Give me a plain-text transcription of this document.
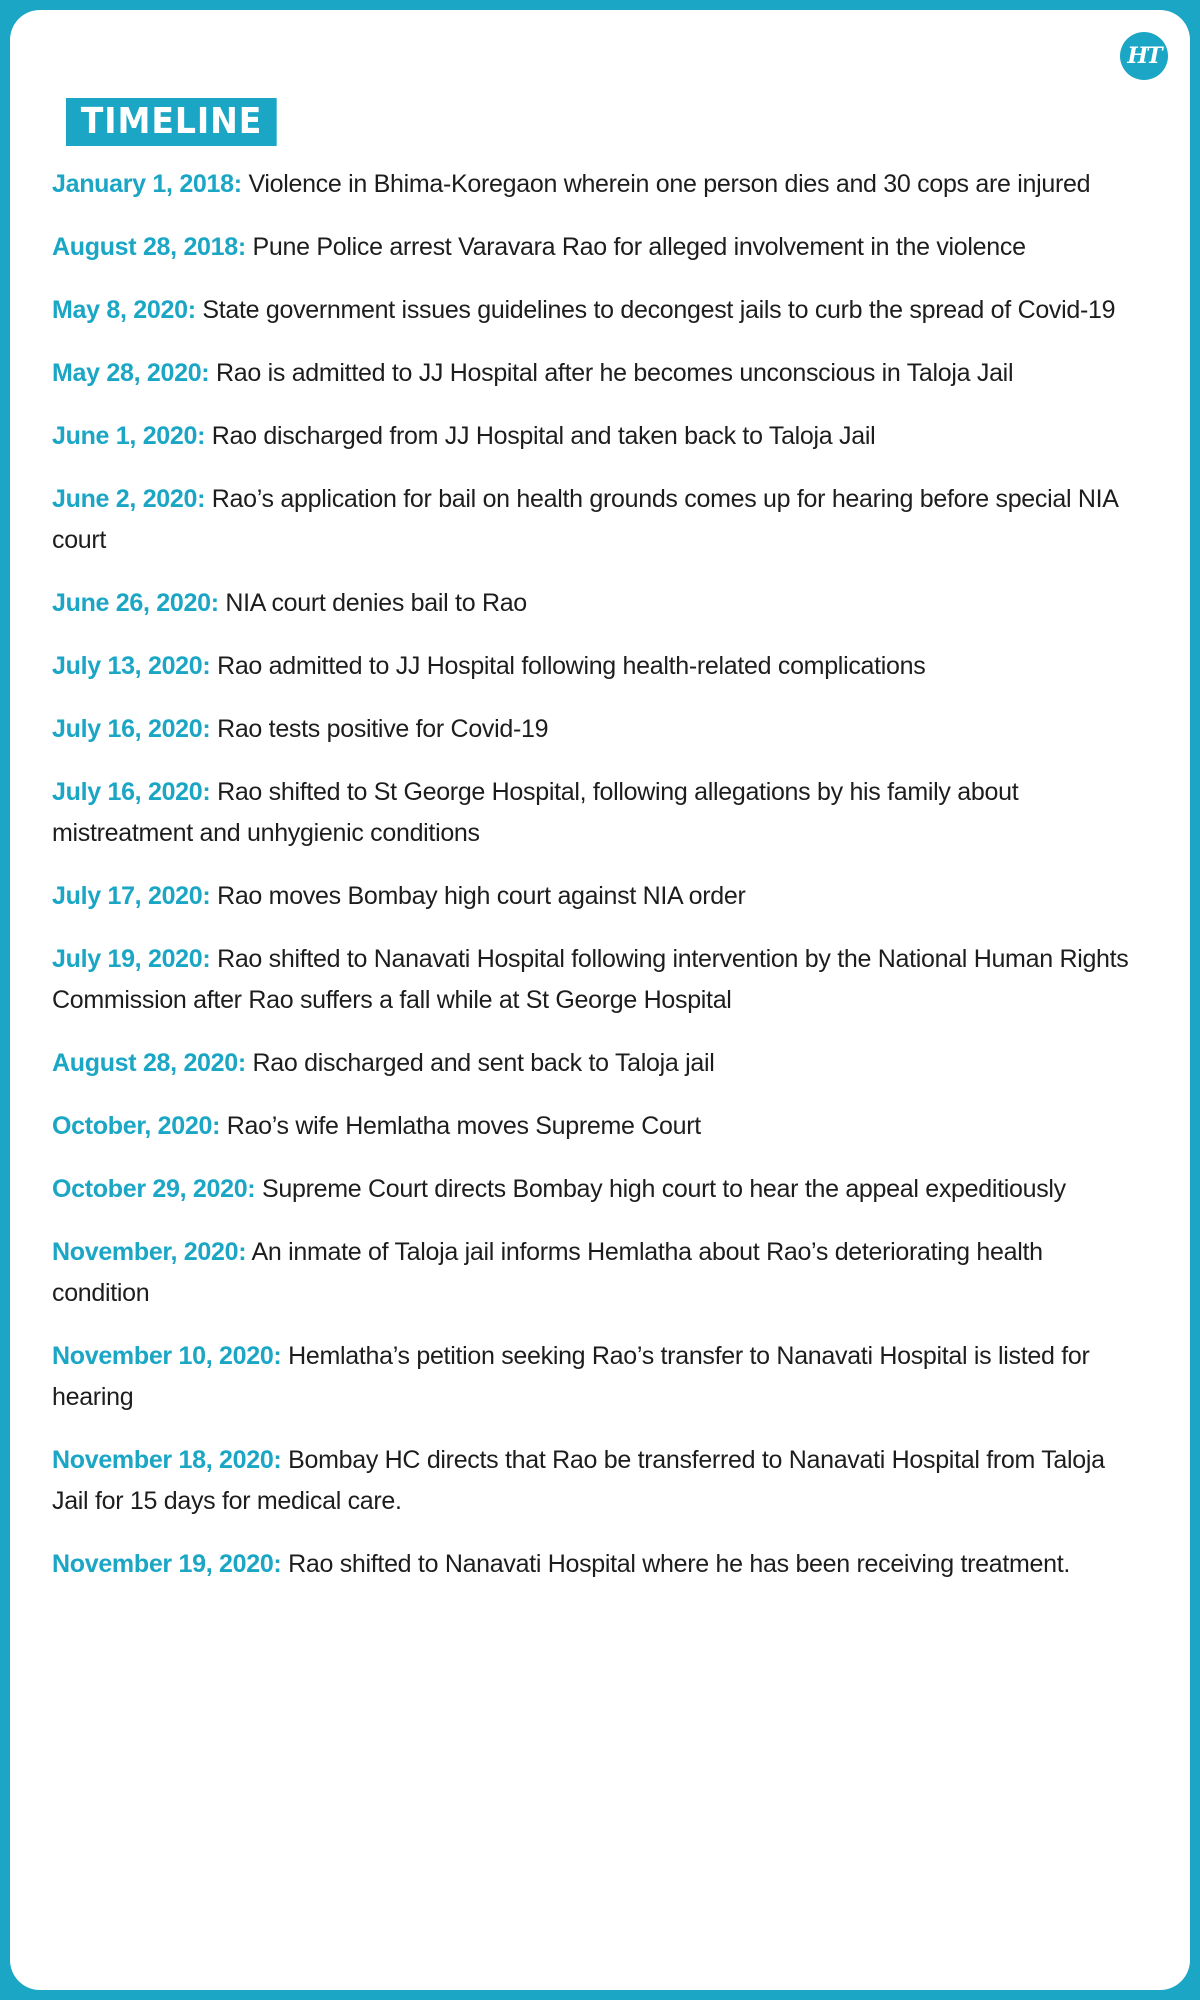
HT
TIMELINE
January 1, 2018: Violence in Bhima-Koregaon wherein one person dies and 30 cops are injured
August 28, 2018: Pune Police arrest Varavara Rao for alleged involvement in the violence
May 8, 2020: State government issues guidelines to decongest jails to curb the spread of Covid-19
May 28, 2020: Rao is admitted to JJ Hospital after he becomes unconscious in Taloja Jail
June 1, 2020: Rao discharged from JJ Hospital and taken back to Taloja Jail
June 2, 2020: Rao’s application for bail on health grounds comes up for hearing before special NIA court
June 26, 2020: NIA court denies bail to Rao
July 13, 2020: Rao admitted to JJ Hospital following health-related complications
July 16, 2020: Rao tests positive for Covid-19
July 16, 2020: Rao shifted to St George Hospital, following allegations by his family about mistreatment and unhygienic conditions
July 17, 2020: Rao moves Bombay high court against NIA order
July 19, 2020: Rao shifted to Nanavati Hospital following intervention by the National Human Rights Commission after Rao suffers a fall while at St George Hospital
August 28, 2020: Rao discharged and sent back to Taloja jail
October, 2020: Rao’s wife Hemlatha moves Supreme Court
October 29, 2020: Supreme Court directs Bombay high court to hear the appeal expeditiously
November, 2020: An inmate of Taloja jail informs Hemlatha about Rao’s deteriorating health condition
November 10, 2020: Hemlatha’s petition seeking Rao’s transfer to Nanavati Hospital is listed for hearing
November 18, 2020: Bombay HC directs that Rao be transferred to Nanavati Hospital from Taloja Jail for 15 days for medical care.
November 19, 2020: Rao shifted to Nanavati Hospital where he has been receiving treatment.
